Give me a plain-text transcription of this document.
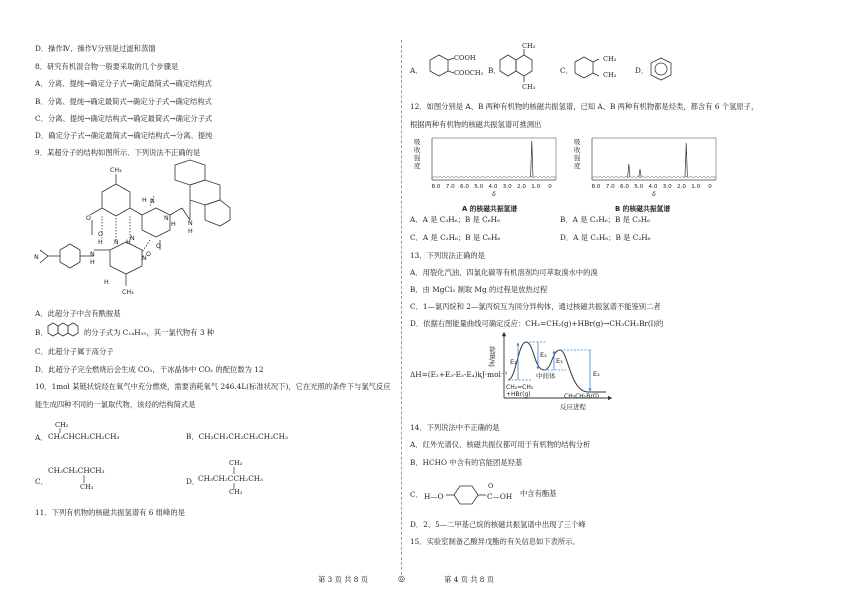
D．操作Ⅳ、操作Ⅴ分别是过滤和蒸馏
8．研究有机混合物一般要采取的几个步骤是
A．分离、提纯→确定分子式→确定最简式→确定结构式
B．分离、提纯→确定最简式→确定分子式→确定结构式
C．分离、提纯→确定结构式→确定最简式→确定分子式
D．确定分子式→确定最简式→确定结构式→分离、提纯
9．某超分子的结构如图所示．下列说法不正确的是
CH₃
CH₃
O
H N
N
H N
H
O
O
H N H
N
H
N
N
N
O
H
A．此超分子中含有酰胺基
B．	的分子式为 C₁₄H₁₀，其一氯代物有 3 种
C．此超分子属于高分子
D．此超分子完全燃烧后会生成 CO₂，干冰晶体中 CO₂ 的配位数为 12
10．1mol 某链状烷烃在氧气中充分燃烧，需要消耗氧气 246.4L(标准状况下)，它在光照的条件下与氯气反应
能生成四种不同的一氯取代物，该烃的结构简式是
A．
CH₃
CH₃CHCH₂CH₂CH₃	B．CH₃CH₂CH₂CH₂CH₂CH₃
C．
CH₃CH₂CHCH₃
CH₃
D．
CH₃
CH₃CH₂CCH₂CH₃
CH₃
11．下列有机物的核磁共振氢谱有 6 组峰的是
A．
COOH
COOCH₃ B．
CH₃
CH₃
C．
CH₃
CH₃	D．
12．如图分别是 A、B 两种有机物的核磁共振氢谱，已知 A、B 两种有机物都是烃类，都含有 6 个氢原子，
根据两种有机物的核磁共振氢谱可推测出
吸
收
强
度
8.0 7.0 6.0 5.0 4.0 3.0 2.0 1.0 0
δ
吸
收
强
度
8.0 7.0 6.0 5.0 4.0 3.0 2.0 1.0 0
δ
A 的核磁共振氢谱	B 的核磁共振氢谱
A．A 是 C₃H₆；B 是 C₆H₆	B．A 是 C₂H₆；B 是 C₃H₆
C．A 是 C₂H₆；B 是 C₆H₆	D．A 是 C₃H₆；B 是 C₂H₆
13．下列说法正确的是
A．用裂化汽油、四氯化碳等有机溶剂均可萃取溴水中的溴
B．由 MgCl₂ 制取 Mg 的过程是放热过程
C．1—氯丙烷和 2—氯丙烷互为同分异构体，通过核磁共振氢谱不能鉴别二者
D．依据右图能量曲线可确定反应：CH₂=CH₂(g)+HBr(g)→CH₃CH₂Br(l)的
ΔH=(E₁+E₃-E₂-E₄)kJ·mol⁻¹
能量/kJ E₁
E₂
E₃
E₄
中间体
CH₂=CH₂
+HBr(g)	CH₃CH₂Br(l)
反应进程
14．下列说法中不正确的是
A．红外光谱仪、核磁共振仪都可用于有机物的结构分析
B．HCHO 中含有的官能团是羟基
C． H—O	C—OH
O
中含有酯基
D．2、5—二甲基己烷的核磁共振氢谱中出现了三个峰
15．实验室制备乙酸异戊酯的有关信息如下表所示。
第 3 页 共 8 页	◎	第 4 页 共 8 页
